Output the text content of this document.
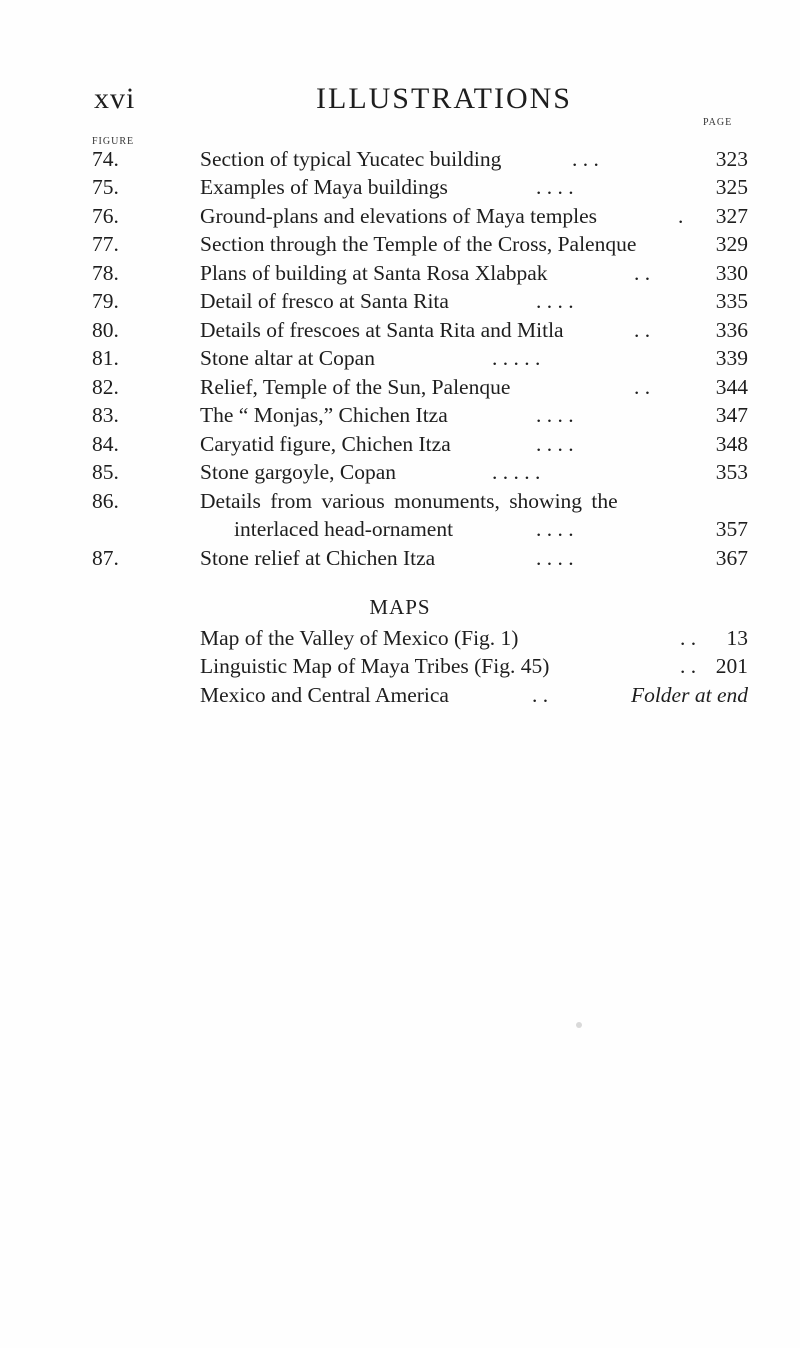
xvi	ILLUSTRATIONS
FIGURE
PAGE
74.	Section of typical Yucatec building	. . .	323
75.	Examples of Maya buildings	. . . .	325
76.	Ground-plans and elevations of Maya temples	. 327
77.	Section through the Temple of the Cross, Palenque	329
78.	Plans of building at Santa Rosa Xlabpak	. .	330
79.	Detail of fresco at Santa Rita	. . . .	335
80.	Details of frescoes at Santa Rita and Mitla	. .	336
81.	Stone altar at Copan	. . . . .	339
82.	Relief, Temple of the Sun, Palenque	. .	344
83.	The “ Monjas,” Chichen Itza	. . . .	347
84.	Caryatid figure, Chichen Itza	. . . .	348
85.	Stone gargoyle, Copan	. . . . .	353
86.	Details from various monuments, showing the
interlaced head-ornament	. . . .	357
87.	Stone relief at Chichen Itza	. . . .	367
MAPS
Map of the Valley of Mexico (Fig. 1)	. . 13
Linguistic Map of Maya Tribes (Fig. 45)	. . 201
Mexico and Central America	. .	Folder at end
